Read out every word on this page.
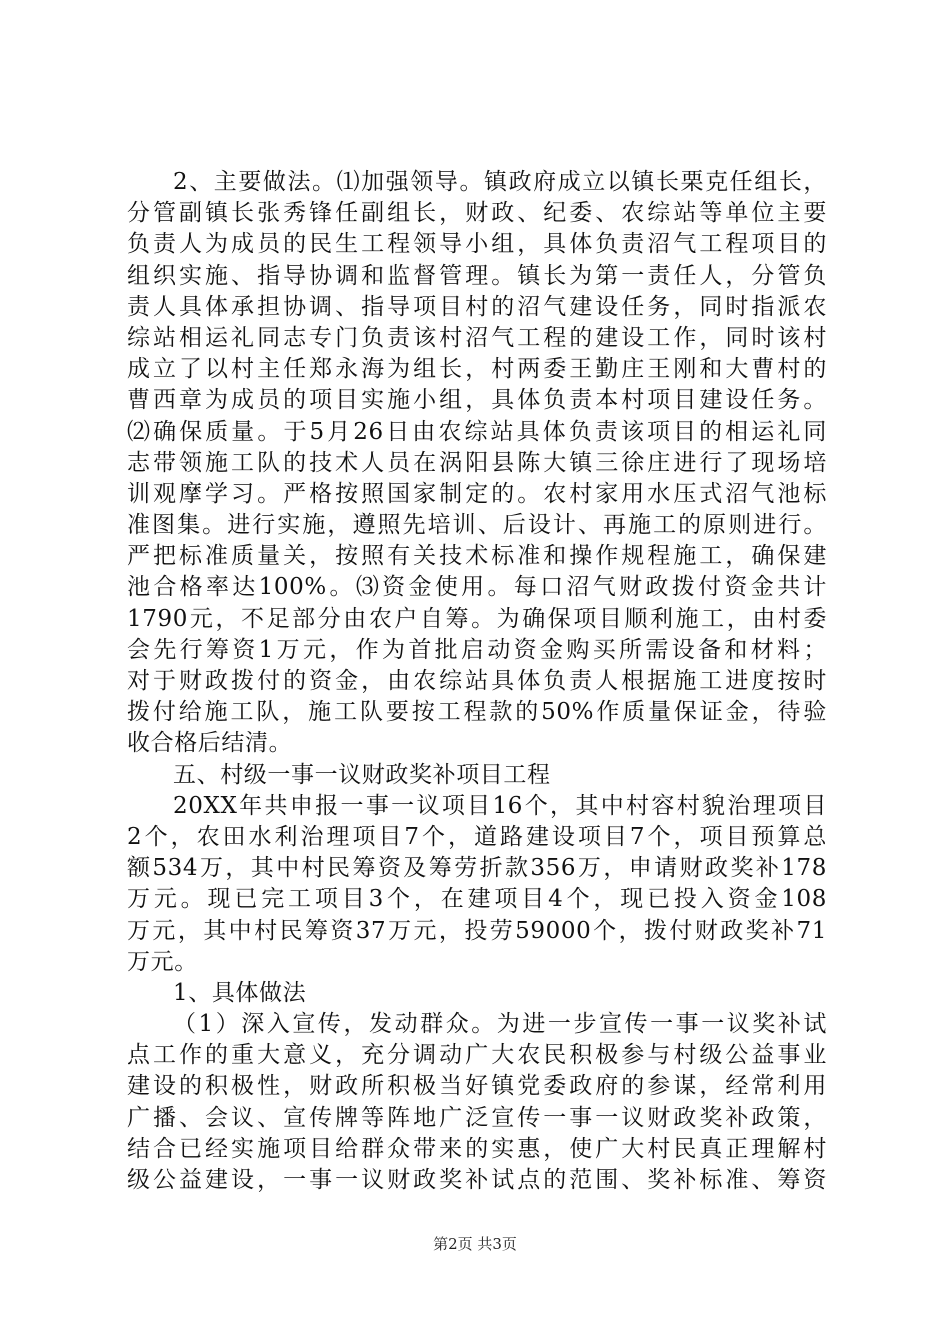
2、主要做法。⑴加强领导。镇政府成立以镇长栗克任组长，
分管副镇长张秀锋任副组长，财政、纪委、农综站等单位主要
负责人为成员的民生工程领导小组，具体负责沼气工程项目的
组织实施、指导协调和监督管理。镇长为第一责任人，分管负
责人具体承担协调、指导项目村的沼气建设任务，同时指派农
综站相运礼同志专门负责该村沼气工程的建设工作，同时该村
成立了以村主任郑永海为组长，村两委王勤庄王刚和大曹村的
曹西章为成员的项目实施小组，具体负责本村项目建设任务。
⑵确保质量。于5月26日由农综站具体负责该项目的相运礼同
志带领施工队的技术人员在涡阳县陈大镇三徐庄进行了现场培
训观摩学习。严格按照国家制定的。农村家用水压式沼气池标
准图集。进行实施，遵照先培训、后设计、再施工的原则进行。
严把标准质量关，按照有关技术标准和操作规程施工，确保建
池合格率达100%。⑶资金使用。每口沼气财政拨付资金共计
1790元，不足部分由农户自筹。为确保项目顺利施工，由村委
会先行筹资1万元，作为首批启动资金购买所需设备和材料；
对于财政拨付的资金，由农综站具体负责人根据施工进度按时
拨付给施工队，施工队要按工程款的50%作质量保证金，待验
收合格后结清。
五、村级一事一议财政奖补项目工程
20XX年共申报一事一议项目16个，其中村容村貌治理项目
2个，农田水利治理项目7个，道路建设项目7个，项目预算总
额534万，其中村民筹资及筹劳折款356万，申请财政奖补178
万元。现已完工项目3个，在建项目4个，现已投入资金108
万元，其中村民筹资37万元，投劳59000个，拨付财政奖补71
万元。
1、具体做法
（1）深入宣传，发动群众。为进一步宣传一事一议奖补试
点工作的重大意义，充分调动广大农民积极参与村级公益事业
建设的积极性，财政所积极当好镇党委政府的参谋，经常利用
广播、会议、宣传牌等阵地广泛宣传一事一议财政奖补政策，
结合已经实施项目给群众带来的实惠，使广大村民真正理解村
级公益建设，一事一议财政奖补试点的范围、奖补标准、筹资
第2页 共3页
